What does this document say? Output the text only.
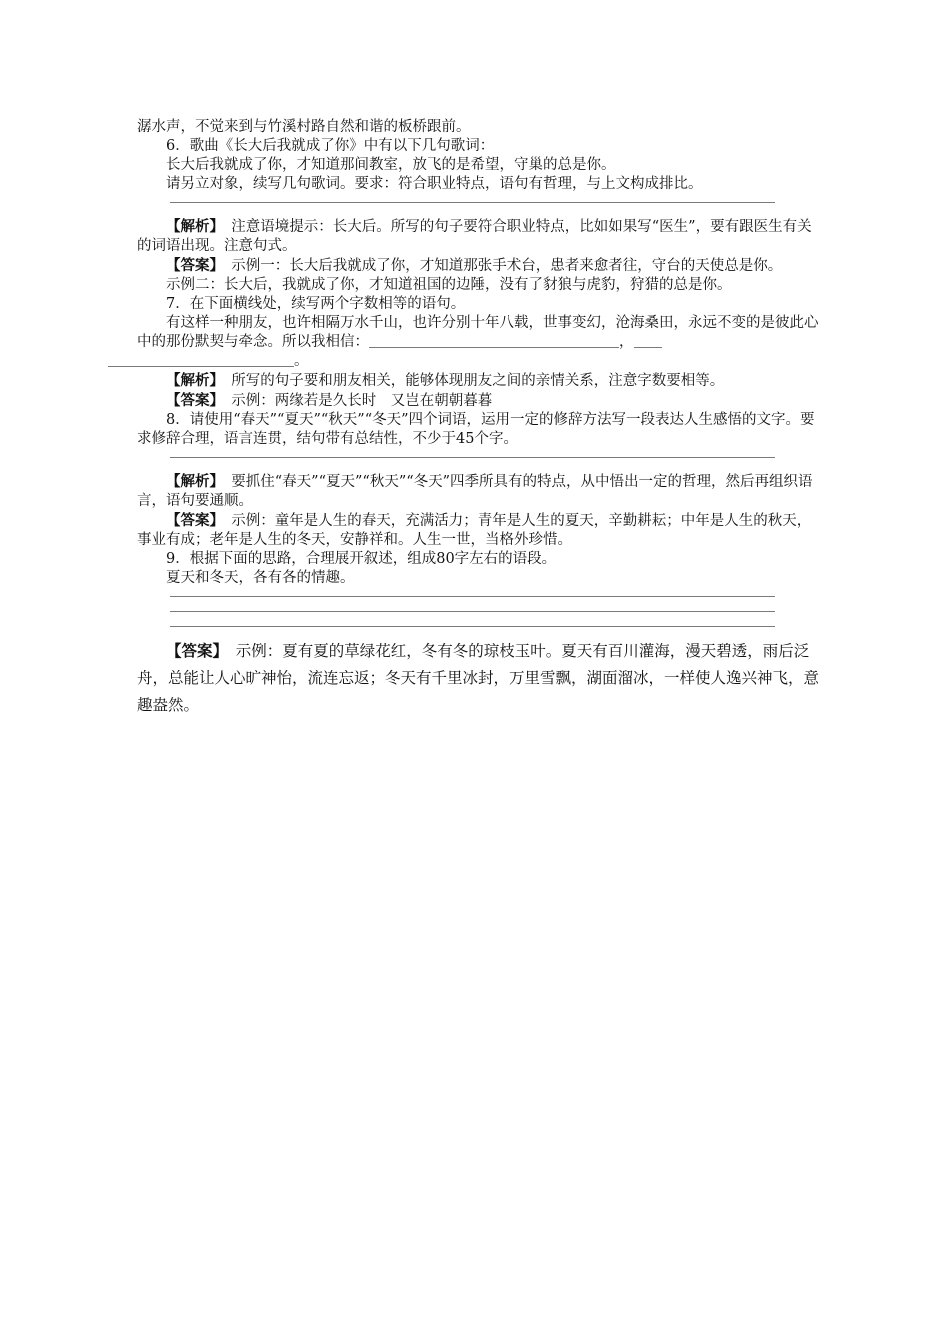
潺水声，不觉来到与竹溪村路自然和谐的板桥跟前。

6．歌曲《长大后我就成了你》中有以下几句歌词：

长大后我就成了你，才知道那间教室，放飞的是希望，守巢的总是你。

请另立对象，续写几句歌词。要求：符合职业特点，语句有哲理，与上文构成排比。

【解析】　 注意语境提示：长大后。所写的句子要符合职业特点，比如如果写“医生”，要有跟医生有关的词语出现。注意句式。

【答案】　 示例一：长大后我就成了你，才知道那张手术台，患者来愈者往，守台的天使总是你。

示例二：长大后，我就成了你，才知道祖国的边陲，没有了豺狼与虎豹，狩猎的总是你。

7．在下面横线处，续写两个字数相等的语句。

有这样一种朋友，也许相隔万水千山，也许分别十年八载，世事变幻，沧海桑田，永远不变的是彼此心中的那份默契与牵念。所以我相信：	，
。

【解析】　 所写的句子要和朋友相关，能够体现朋友之间的亲情关系，注意字数要相等。

【答案】　 示例：两缘若是久长时　又岂在朝朝暮暮

8．请使用“春天”“夏天”“秋天”“冬天”四个词语，运用一定的修辞方法写一段表达人生感悟的文字。要求修辞合理，语言连贯，结句带有总结性，不少于45个字。

【解析】　 要抓住“春天”“夏天”“秋天”“冬天”四季所具有的特点，从中悟出一定的哲理，然后再组织语言，语句要通顺。

【答案】　 示例：童年是人生的春天，充满活力；青年是人生的夏天，辛勤耕耘；中年是人生的秋天，事业有成；老年是人生的冬天，安静祥和。人生一世，当格外珍惜。

9．根据下面的思路，合理展开叙述，组成80字左右的语段。

夏天和冬天，各有各的情趣。

【答案】　 示例：夏有夏的草绿花红，冬有冬的琼枝玉叶。夏天有百川灌海，漫天碧透，雨后泛舟，总能让人心旷神怡，流连忘返；冬天有千里冰封，万里雪飘，湖面溜冰，一样使人逸兴神飞，意趣盎然。
